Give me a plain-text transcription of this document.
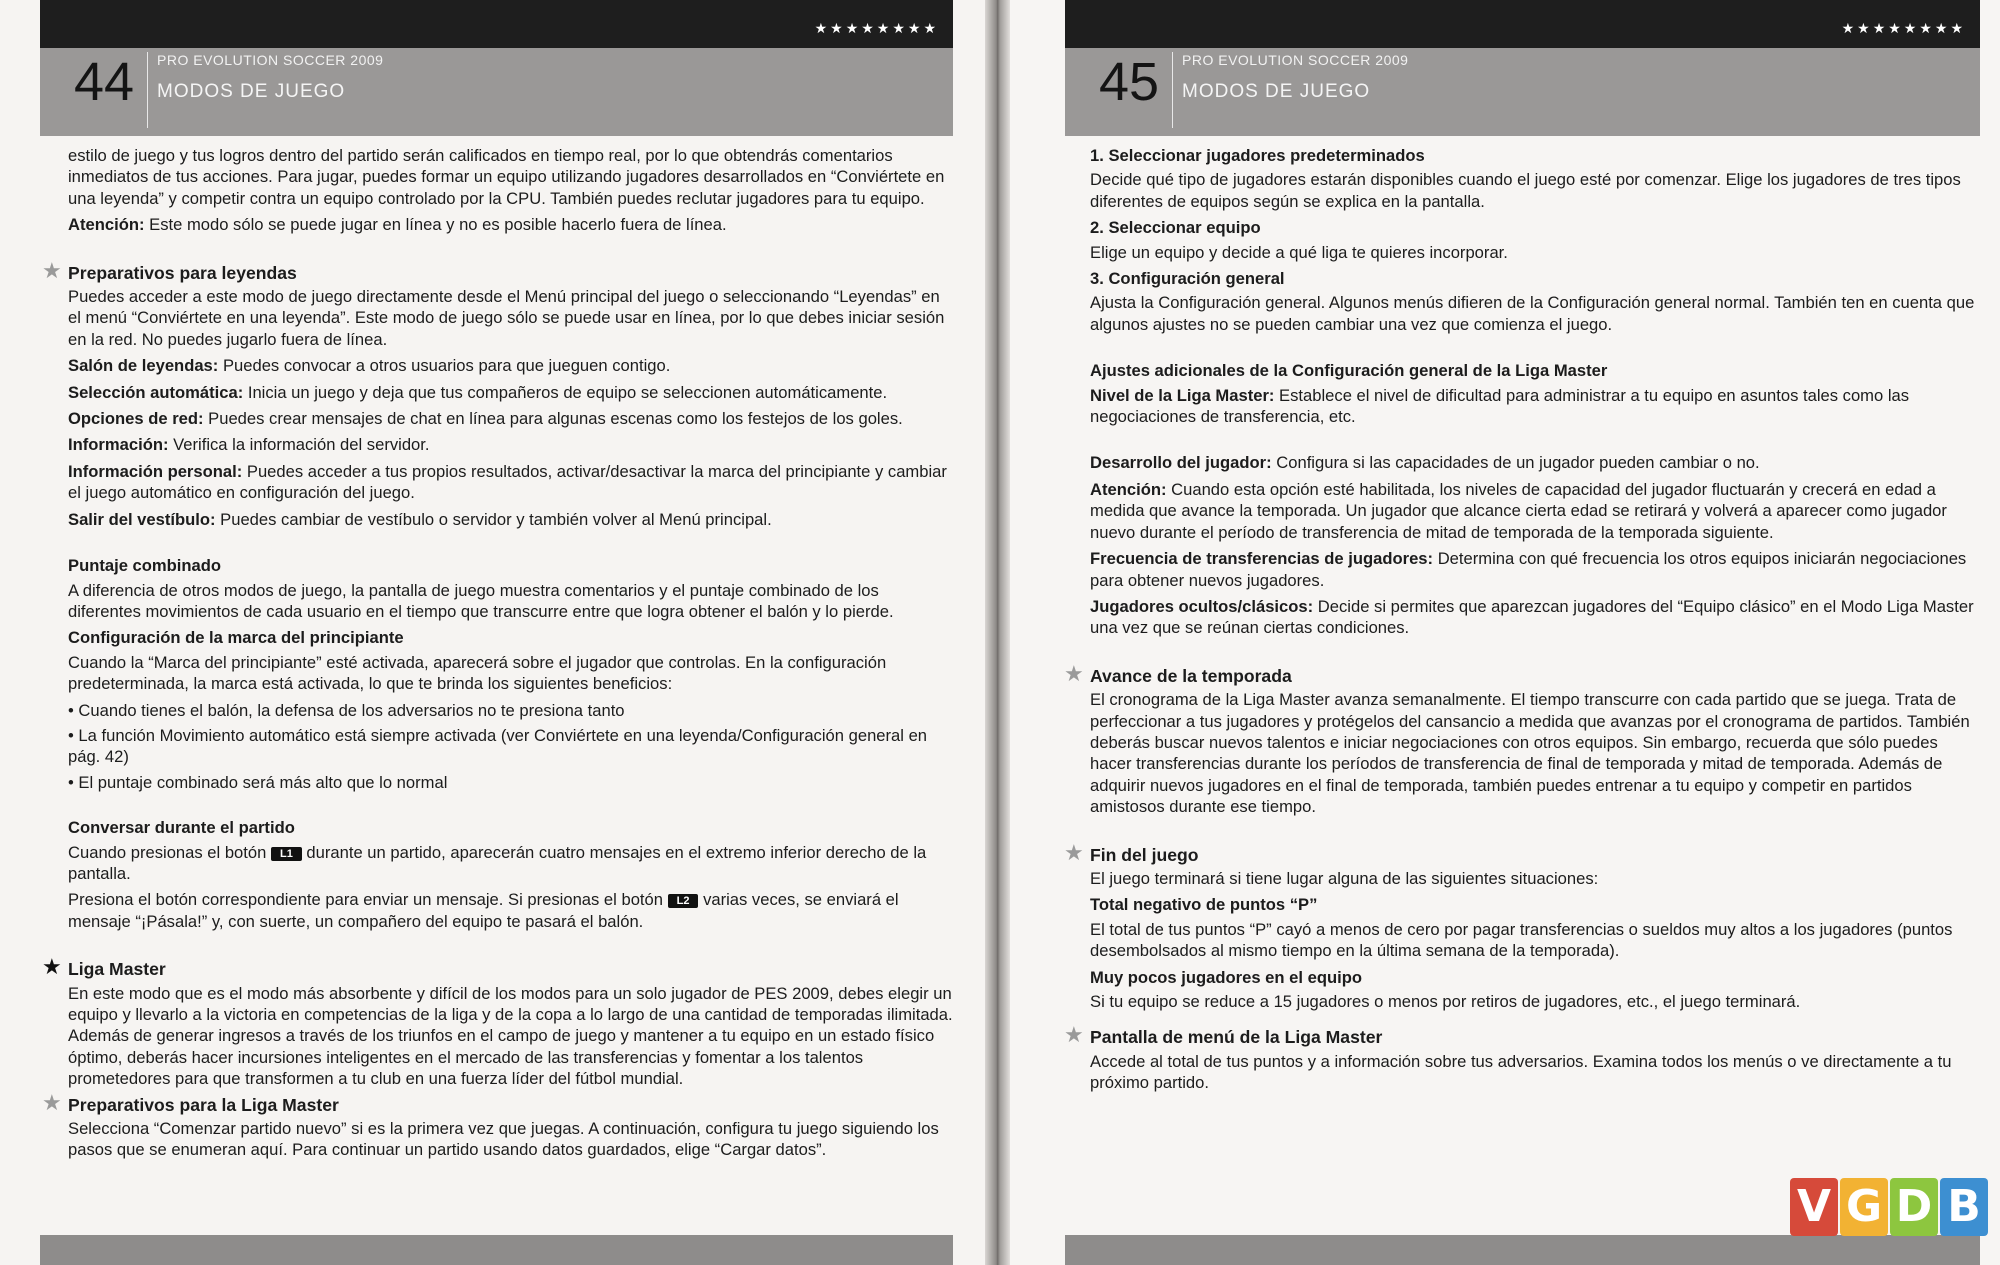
★★★★★★★★
44 PRO EVOLUTION SOCCER 2009
MODOS DE JUEGO
estilo de juego y tus logros dentro del partido serán calificados en tiempo real, por lo que obtendrás comentarios inmediatos de tus acciones. Para jugar, puedes formar un equipo utilizando jugadores desarrollados en “Conviértete en una leyenda” y competir contra un equipo controlado por la CPU. También puedes reclutar jugadores para tu equipo.
Atención: Este modo sólo se puede jugar en línea y no es posible hacerlo fuera de línea.
★ Preparativos para leyendas
Puedes acceder a este modo de juego directamente desde el Menú principal del juego o seleccionando “Leyendas” en el menú “Conviértete en una leyenda”. Este modo de juego sólo se puede usar en línea, por lo que debes iniciar sesión en la red. No puedes jugarlo fuera de línea.
Salón de leyendas: Puedes convocar a otros usuarios para que jueguen contigo.
Selección automática: Inicia un juego y deja que tus compañeros de equipo se seleccionen automáticamente.
Opciones de red: Puedes crear mensajes de chat en línea para algunas escenas como los festejos de los goles.
Información: Verifica la información del servidor.
Información personal: Puedes acceder a tus propios resultados, activar/desactivar la marca del principiante y cambiar el juego automático en configuración del juego.
Salir del vestíbulo: Puedes cambiar de vestíbulo o servidor y también volver al Menú principal.
Puntaje combinado
A diferencia de otros modos de juego, la pantalla de juego muestra comentarios y el puntaje combinado de los diferentes movimientos de cada usuario en el tiempo que transcurre entre que logra obtener el balón y lo pierde.
Configuración de la marca del principiante
Cuando la “Marca del principiante” esté activada, aparecerá sobre el jugador que controlas. En la configuración predeterminada, la marca está activada, lo que te brinda los siguientes beneficios:
• Cuando tienes el balón, la defensa de los adversarios no te presiona tanto
• La función Movimiento automático está siempre activada (ver Conviértete en una leyenda/Configuración general en pág. 42)
• El puntaje combinado será más alto que lo normal
Conversar durante el partido
Cuando presionas el botón L1 durante un partido, aparecerán cuatro mensajes en el extremo inferior derecho de la pantalla.
Presiona el botón correspondiente para enviar un mensaje. Si presionas el botón L2 varias veces, se enviará el mensaje “¡Pásala!” y, con suerte, un compañero del equipo te pasará el balón.
★ Liga Master
En este modo que es el modo más absorbente y difícil de los modos para un solo jugador de PES 2009, debes elegir un equipo y llevarlo a la victoria en competencias de la liga y de la copa a lo largo de una cantidad de temporadas ilimitada. Además de generar ingresos a través de los triunfos en el campo de juego y mantener a tu equipo en un estado físico óptimo, deberás hacer incursiones inteligentes en el mercado de las transferencias y fomentar a los talentos prometedores para que transformen a tu club en una fuerza líder del fútbol mundial.
★ Preparativos para la Liga Master
Selecciona “Comenzar partido nuevo” si es la primera vez que juegas. A continuación, configura tu juego siguiendo los pasos que se enumeran aquí. Para continuar un partido usando datos guardados, elige “Cargar datos”.
★★★★★★★★
45 PRO EVOLUTION SOCCER 2009
MODOS DE JUEGO
1. Seleccionar jugadores predeterminados
Decide qué tipo de jugadores estarán disponibles cuando el juego esté por comenzar. Elige los jugadores de tres tipos diferentes de equipos según se explica en la pantalla.
2. Seleccionar equipo
Elige un equipo y decide a qué liga te quieres incorporar.
3. Configuración general
Ajusta la Configuración general. Algunos menús difieren de la Configuración general normal. También ten en cuenta que algunos ajustes no se pueden cambiar una vez que comienza el juego.
Ajustes adicionales de la Configuración general de la Liga Master
Nivel de la Liga Master: Establece el nivel de dificultad para administrar a tu equipo en asuntos tales como las negociaciones de transferencia, etc.
Desarrollo del jugador: Configura si las capacidades de un jugador pueden cambiar o no.
Atención: Cuando esta opción esté habilitada, los niveles de capacidad del jugador fluctuarán y crecerá en edad a medida que avance la temporada. Un jugador que alcance cierta edad se retirará y volverá a aparecer como jugador nuevo durante el período de transferencia de mitad de temporada de la temporada siguiente.
Frecuencia de transferencias de jugadores: Determina con qué frecuencia los otros equipos iniciarán negociaciones para obtener nuevos jugadores.
Jugadores ocultos/clásicos: Decide si permites que aparezcan jugadores del “Equipo clásico” en el Modo Liga Master una vez que se reúnan ciertas condiciones.
★ Avance de la temporada
El cronograma de la Liga Master avanza semanalmente. El tiempo transcurre con cada partido que se juega. Trata de perfeccionar a tus jugadores y protégelos del cansancio a medida que avanzas por el cronograma de partidos. También deberás buscar nuevos talentos e iniciar negociaciones con otros equipos. Sin embargo, recuerda que sólo puedes hacer transferencias durante los períodos de transferencia de final de temporada y mitad de temporada. Además de adquirir nuevos jugadores en el final de temporada, también puedes entrenar a tu equipo y competir en partidos amistosos durante ese tiempo.
★ Fin del juego
El juego terminará si tiene lugar alguna de las siguientes situaciones:
Total negativo de puntos “P”
El total de tus puntos “P” cayó a menos de cero por pagar transferencias o sueldos muy altos a los jugadores (puntos desembolsados al mismo tiempo en la última semana de la temporada).
Muy pocos jugadores en el equipo
Si tu equipo se reduce a 15 jugadores o menos por retiros de jugadores, etc., el juego terminará.
★ Pantalla de menú de la Liga Master
Accede al total de tus puntos y a información sobre tus adversarios. Examina todos los menús o ve directamente a tu próximo partido.
V G D B
